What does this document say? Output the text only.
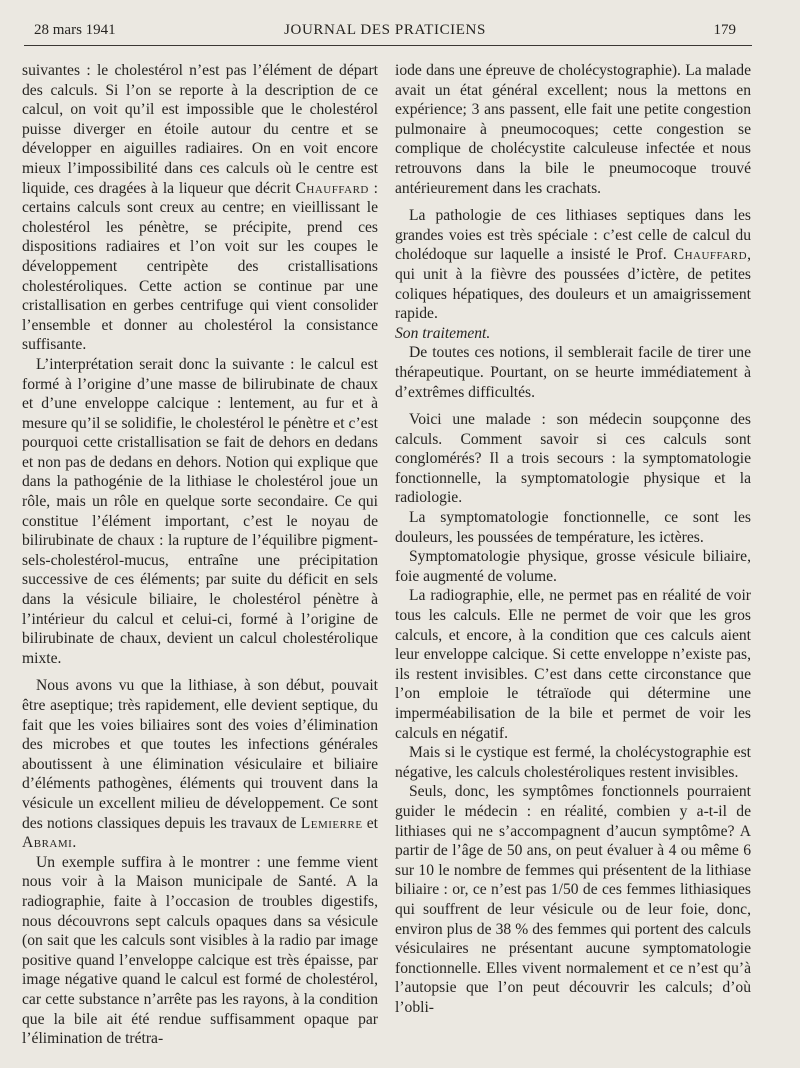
28 mars 1941	JOURNAL DES PRATICIENS	179

suivantes : le cholestérol n’est pas l’élément de départ des calculs. Si l’on se reporte à la description de ce calcul, on voit qu’il est impossible que le cholestérol puisse diverger en étoile autour du centre et se développer en aiguilles radiaires. On en voit encore mieux l’impossibilité dans ces calculs où le centre est liquide, ces dragées à la liqueur que décrit Chauffard : certains calculs sont creux au centre; en vieillissant le cholestérol les pénètre, se précipite, prend ces dispositions radiaires et l’on voit sur les coupes le développement centripète des cristallisations cholestéroliques. Cette action se continue par une cristallisation en gerbes centrifuge qui vient consolider l’ensemble et donner au cholestérol la consistance suffisante.

L’interprétation serait donc la suivante : le calcul est formé à l’origine d’une masse de bilirubinate de chaux et d’une enveloppe calcique : lentement, au fur et à mesure qu’il se solidifie, le cholestérol le pénètre et c’est pourquoi cette cristallisation se fait de dehors en dedans et non pas de dedans en dehors. Notion qui explique que dans la pathogénie de la lithiase le cholestérol joue un rôle, mais un rôle en quelque sorte secondaire. Ce qui constitue l’élément important, c’est le noyau de bilirubinate de chaux : la rupture de l’équilibre pigment-sels-cholestérol-mucus, entraîne une précipitation successive de ces éléments; par suite du déficit en sels dans la vésicule biliaire, le cholestérol pénètre à l’intérieur du calcul et celui-ci, formé à l’origine de bilirubinate de chaux, devient un calcul cholestérolique mixte.

Nous avons vu que la lithiase, à son début, pouvait être aseptique; très rapidement, elle devient septique, du fait que les voies biliaires sont des voies d’élimination des microbes et que toutes les infections générales aboutissent à une élimination vésiculaire et biliaire d’éléments pathogènes, éléments qui trouvent dans la vésicule un excellent milieu de développement. Ce sont des notions classiques depuis les travaux de Lemierre et Abrami.

Un exemple suffira à le montrer : une femme vient nous voir à la Maison municipale de Santé. A la radiographie, faite à l’occasion de troubles digestifs, nous découvrons sept calculs opaques dans sa vésicule (on sait que les calculs sont visibles à la radio par image positive quand l’enveloppe calcique est très épaisse, par image négative quand le calcul est formé de cholestérol, car cette substance n’arrête pas les rayons, à la condition que la bile ait été rendue suffisamment opaque par l’élimination de trétra-

iode dans une épreuve de cholécystographie). La malade avait un état général excellent; nous la mettons en expérience; 3 ans passent, elle fait une petite congestion pulmonaire à pneumocoques; cette congestion se complique de cholécystite calculeuse infectée et nous retrouvons dans la bile le pneumocoque trouvé antérieurement dans les crachats.

La pathologie de ces lithiases septiques dans les grandes voies est très spéciale : c’est celle de calcul du cholédoque sur laquelle a insisté le Prof. Chauffard, qui unit à la fièvre des poussées d’ictère, de petites coliques hépatiques, des douleurs et un amaigrissement rapide.

Son traitement.

De toutes ces notions, il semblerait facile de tirer une thérapeutique. Pourtant, on se heurte immédiatement à d’extrêmes difficultés.

Voici une malade : son médecin soupçonne des calculs. Comment savoir si ces calculs sont conglomérés? Il a trois secours : la symptomatologie fonctionnelle, la symptomatologie physique et la radiologie.

La symptomatologie fonctionnelle, ce sont les douleurs, les poussées de température, les ictères.

Symptomatologie physique, grosse vésicule biliaire, foie augmenté de volume.

La radiographie, elle, ne permet pas en réalité de voir tous les calculs. Elle ne permet de voir que les gros calculs, et encore, à la condition que ces calculs aient leur enveloppe calcique. Si cette enveloppe n’existe pas, ils restent invisibles. C’est dans cette circonstance que l’on emploie le tétraïode qui détermine une imperméabilisation de la bile et permet de voir les calculs en négatif.

Mais si le cystique est fermé, la cholécystographie est négative, les calculs cholestéroliques restent invisibles.

Seuls, donc, les symptômes fonctionnels pourraient guider le médecin : en réalité, combien y a-t-il de lithiases qui ne s’accompagnent d’aucun symptôme? A partir de l’âge de 50 ans, on peut évaluer à 4 ou même 6 sur 10 le nombre de femmes qui présentent de la lithiase biliaire : or, ce n’est pas 1/50 de ces femmes lithiasiques qui souffrent de leur vésicule ou de leur foie, donc, environ plus de 38 % des femmes qui portent des calculs vésiculaires ne présentant aucune symptomatologie fonctionnelle. Elles vivent normalement et ce n’est qu’à l’autopsie que l’on peut découvrir les calculs; d’où l’obli-
